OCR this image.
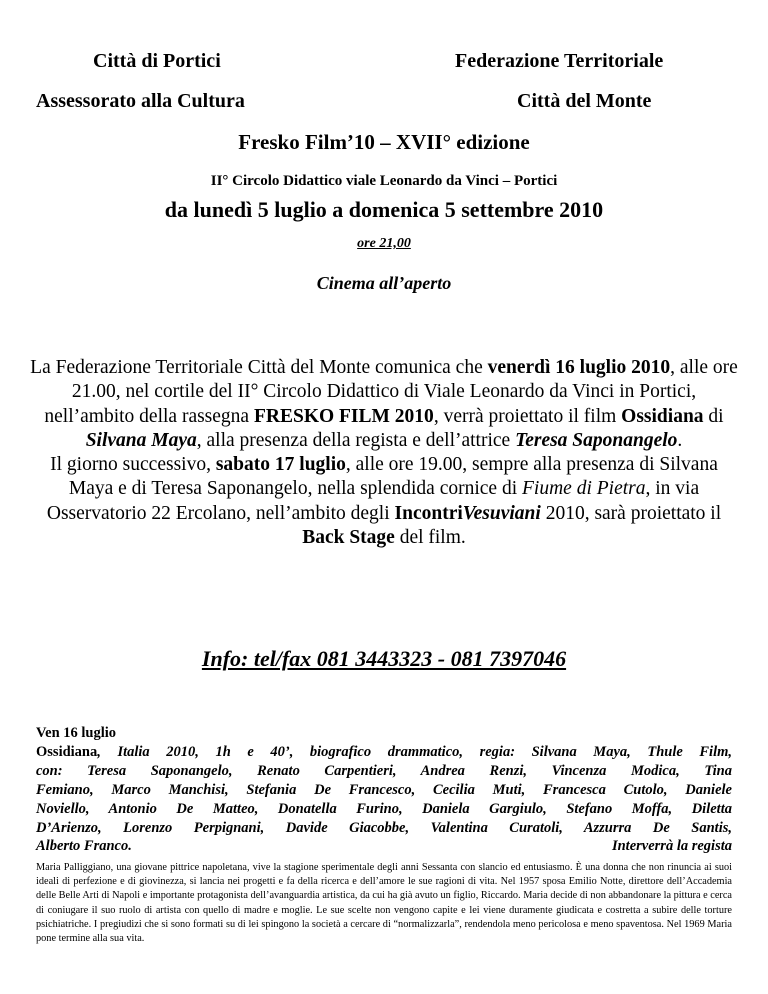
Città di Portici	Federazione Territoriale
Assessorato alla Cultura	Città del Monte
Fresko Film’10 – XVII° edizione
II° Circolo Didattico viale Leonardo da Vinci – Portici
da lunedì 5 luglio a domenica 5 settembre 2010
ore 21,00
Cinema all’aperto

La Federazione Territoriale Città del Monte comunica che venerdì 16 luglio 2010, alle ore 21.00, nel cortile del II° Circolo Didattico di Viale Leonardo da Vinci in Portici, nell’ambito della rassegna FRESKO FILM 2010, verrà proiettato il film Ossidiana di Silvana Maya, alla presenza della regista e dell’attrice Teresa Saponangelo.

Il giorno successivo, sabato 17 luglio, alle ore 19.00, sempre alla presenza di Silvana Maya e di Teresa Saponangelo, nella splendida cornice di Fiume di Pietra, in via Osservatorio 22 Ercolano, nell’ambito degli IncontriVesuviani 2010, sarà proiettato il Back Stage del film.

Info: tel/fax 081 3443323 - 081 7397046
Ven 16 luglio
Ossidiana, Italia 2010, 1h e 40’, biografico drammatico, regia: Silvana Maya, Thule Film,
con: Teresa Saponangelo, Renato Carpentieri, Andrea Renzi, Vincenza Modica, Tina
Femiano, Marco Manchisi, Stefania De Francesco, Cecilia Muti, Francesca Cutolo, Daniele
Noviello, Antonio De Matteo, Donatella Furino, Daniela Gargiulo, Stefano Moffa, Diletta
D’Arienzo, Lorenzo Perpignani, Davide Giacobbe, Valentina Curatoli, Azzurra De Santis,
Alberto Franco.	Interverrà la regista
Maria Palliggiano, una giovane pittrice napoletana, vive la stagione sperimentale degli anni Sessanta con slancio ed entusiasmo. È una donna che non rinuncia ai suoi ideali di perfezione e di giovinezza, si lancia nei progetti e fa della ricerca e dell’amore le sue ragioni di vita. Nel 1957 sposa Emilio Notte, direttore dell’Accademia delle Belle Arti di Napoli e importante protagonista dell’avanguardia artistica, da cui ha già avuto un figlio, Riccardo. Maria decide di non abbandonare la pittura e cerca di coniugare il suo ruolo di artista con quello di madre e moglie. Le sue scelte non vengono capite e lei viene duramente giudicata e costretta a subire delle torture psichiatriche. I pregiudizi che si sono formati su di lei spingono la società a cercare di “normalizzarla”, rendendola meno pericolosa e meno spaventosa. Nel 1969 Maria pone termine alla sua vita.
